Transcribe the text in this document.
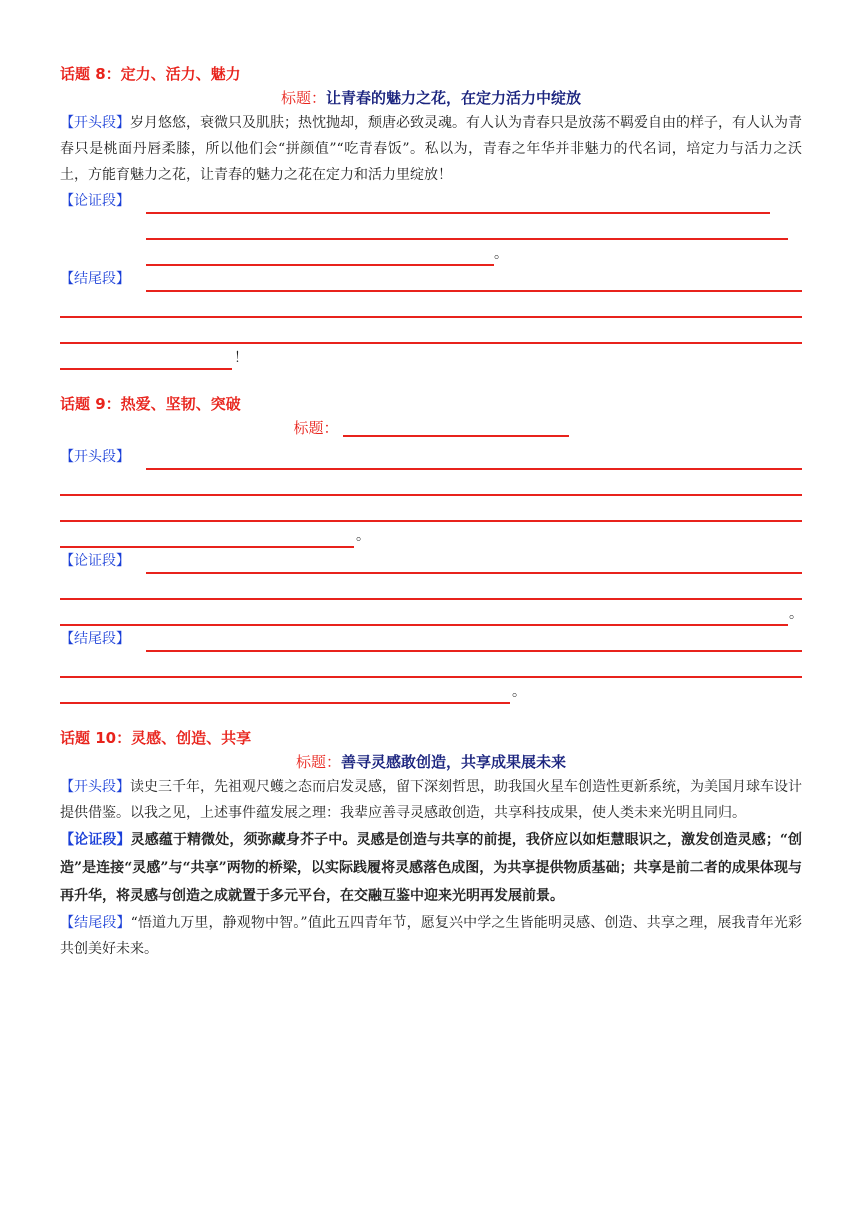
话题 8：定力、活力、魅力
标题：让青春的魅力之花，在定力活力中绽放
【开头段】岁月悠悠，衰微只及肌肤；热忱抛却，颓唐必致灵魂。有人认为青春只是放荡不羁爱自由的样子，有人认为青春只是桃面丹唇柔膝，所以他们会“拼颜值”“吃青春饭”。私以为，青春之年华并非魅力的代名词，培定力与活力之沃土，方能育魅力之花，让青春的魅力之花在定力和活力里绽放！
【论证段】
。
【结尾段】
！
话题 9：热爱、坚韧、突破
标题：
【开头段】
。
【论证段】
。
【结尾段】
。
话题 10：灵感、创造、共享
标题：善寻灵感敢创造，共享成果展未来
【开头段】读史三千年，先祖观尺蠖之态而启发灵感，留下深刻哲思，助我国火星车创造性更新系统，为美国月球车设计提供借鉴。以我之见，上述事件蕴发展之理：我辈应善寻灵感敢创造，共享科技成果，使人类未来光明且同归。
【论证段】灵感蕴于精微处，须弥藏身芥子中。灵感是创造与共享的前提，我侪应以如炬慧眼识之，激发创造灵感；“创造”是连接“灵感”与“共享”两物的桥梁，以实际践履将灵感落色成图，为共享提供物质基础；共享是前二者的成果体现与再升华，将灵感与创造之成就置于多元平台，在交融互鉴中迎来光明再发展前景。
【结尾段】“悟道九万里，静观物中智。”值此五四青年节，愿复兴中学之生皆能明灵感、创造、共享之理，展我青年光彩共创美好未来。
